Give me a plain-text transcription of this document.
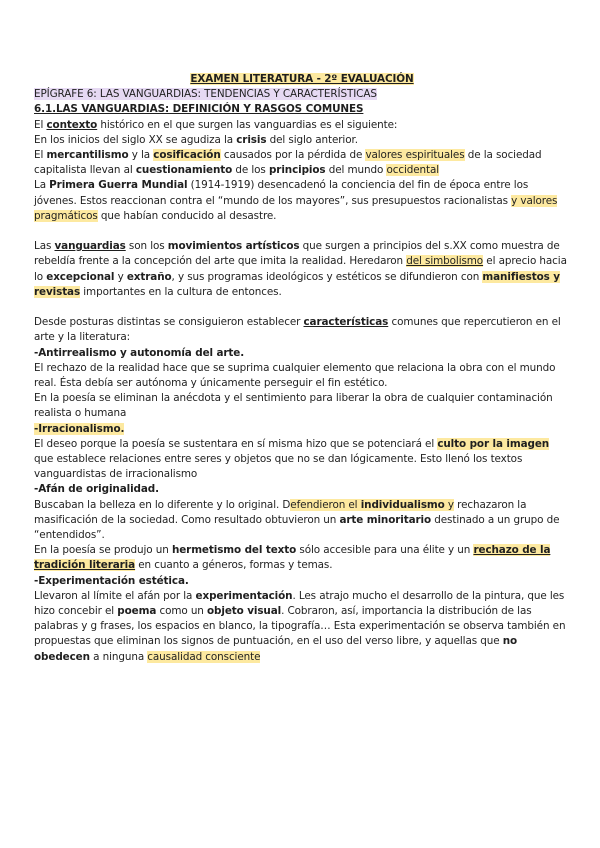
EXAMEN LITERATURA - 2º EVALUACIÓN

EPÍGRAFE 6: LAS VANGUARDIAS: TENDENCIAS Y CARACTERÍSTICAS

6.1.LAS VANGUARDIAS: DEFINICIÓN Y RASGOS COMUNES

El contexto histórico en el que surgen las vanguardias es el siguiente:

En los inicios del siglo XX se agudiza la crisis del siglo anterior.

El mercantilismo y la cosificación causados por la pérdida de valores espirituales de la sociedad capitalista llevan al cuestionamiento de los principios del mundo occidental

La Primera Guerra Mundial (1914-1919) desencadenó la conciencia del fin de época entre los jóvenes. Estos reaccionan contra el “mundo de los mayores”, sus presupuestos racionalistas y valores pragmáticos que habían conducido al desastre.

Las vanguardias son los movimientos artísticos que surgen a principios del s.XX como muestra de rebeldía frente a la concepción del arte que imita la realidad. Heredaron del simbolismo el aprecio hacia lo excepcional y extraño, y sus programas ideológicos y estéticos se difundieron con manifiestos y revistas importantes en la cultura de entonces.

Desde posturas distintas se consiguieron establecer características comunes que repercutieron en el arte y la literatura:

-Antirrealismo y autonomía del arte.

El rechazo de la realidad hace que se suprima cualquier elemento que relaciona la obra con el mundo real. Ésta debía ser autónoma y únicamente perseguir el fin estético.

En la poesía se eliminan la anécdota y el sentimiento para liberar la obra de cualquier contaminación realista o humana

-Irracionalismo.

El deseo porque la poesía se sustentara en sí misma hizo que se potenciará el culto por la imagen que establece relaciones entre seres y objetos que no se dan lógicamente. Esto llenó los textos vanguardistas de irracionalismo

-Afán de originalidad.

Buscaban la belleza en lo diferente y lo original. Defendieron el individualismo y rechazaron la masificación de la sociedad. Como resultado obtuvieron un arte minoritario destinado a un grupo de “entendidos”.

En la poesía se produjo un hermetismo del texto sólo accesible para una élite y un rechazo de la tradición literaria en cuanto a géneros, formas y temas.

-Experimentación estética.

Llevaron al límite el afán por la experimentación. Les atrajo mucho el desarrollo de la pintura, que les hizo concebir el poema como un objeto visual. Cobraron, así, importancia la distribución de las palabras y g frases, los espacios en blanco, la tipografía… Esta experimentación se observa también en propuestas que eliminan los signos de puntuación, en el uso del verso libre, y aquellas que no obedecen a ninguna causalidad consciente
